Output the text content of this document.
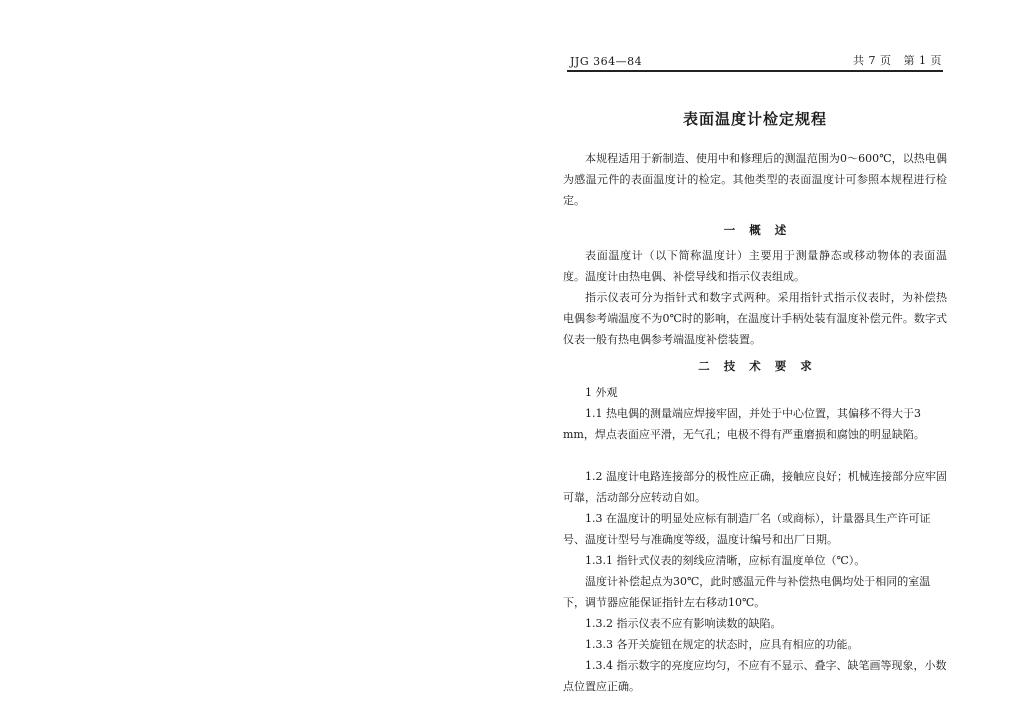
JJG 364—84	共 7 页 第 1 页
表面温度计检定规程

本规程适用于新制造、使用中和修理后的测温范围为0～600℃，以热电偶为感温元件的表面温度计的检定。其他类型的表面温度计可参照本规程进行检定。

一 概 述

表面温度计（以下简称温度计）主要用于测量静态或移动物体的表面温度。温度计由热电偶、补偿导线和指示仪表组成。

指示仪表可分为指针式和数字式两种。采用指针式指示仪表时，为补偿热电偶参考端温度不为0℃时的影响，在温度计手柄处装有温度补偿元件。数字式仪表一般有热电偶参考端温度补偿装置。

二 技 术 要 求

1 外观

1.1 热电偶的测量端应焊接牢固，并处于中心位置，其偏移不得大于3 mm，焊点表面应平滑，无气孔；电极不得有严重磨损和腐蚀的明显缺陷。

1.2 温度计电路连接部分的极性应正确，接触应良好；机械连接部分应牢固可靠，活动部分应转动自如。

1.3 在温度计的明显处应标有制造厂名（或商标），计量器具生产许可证号、温度计型号与准确度等级，温度计编号和出厂日期。

1.3.1 指针式仪表的刻线应清晰，应标有温度单位（℃）。

温度计补偿起点为30℃，此时感温元件与补偿热电偶均处于相同的室温下，调节器应能保证指针左右移动10℃。

1.3.2 指示仪表不应有影响读数的缺陷。

1.3.3 各开关旋钮在规定的状态时，应具有相应的功能。

1.3.4 指示数字的亮度应均匀，不应有不显示、叠字、缺笔画等现象，小数点位置应正确。
